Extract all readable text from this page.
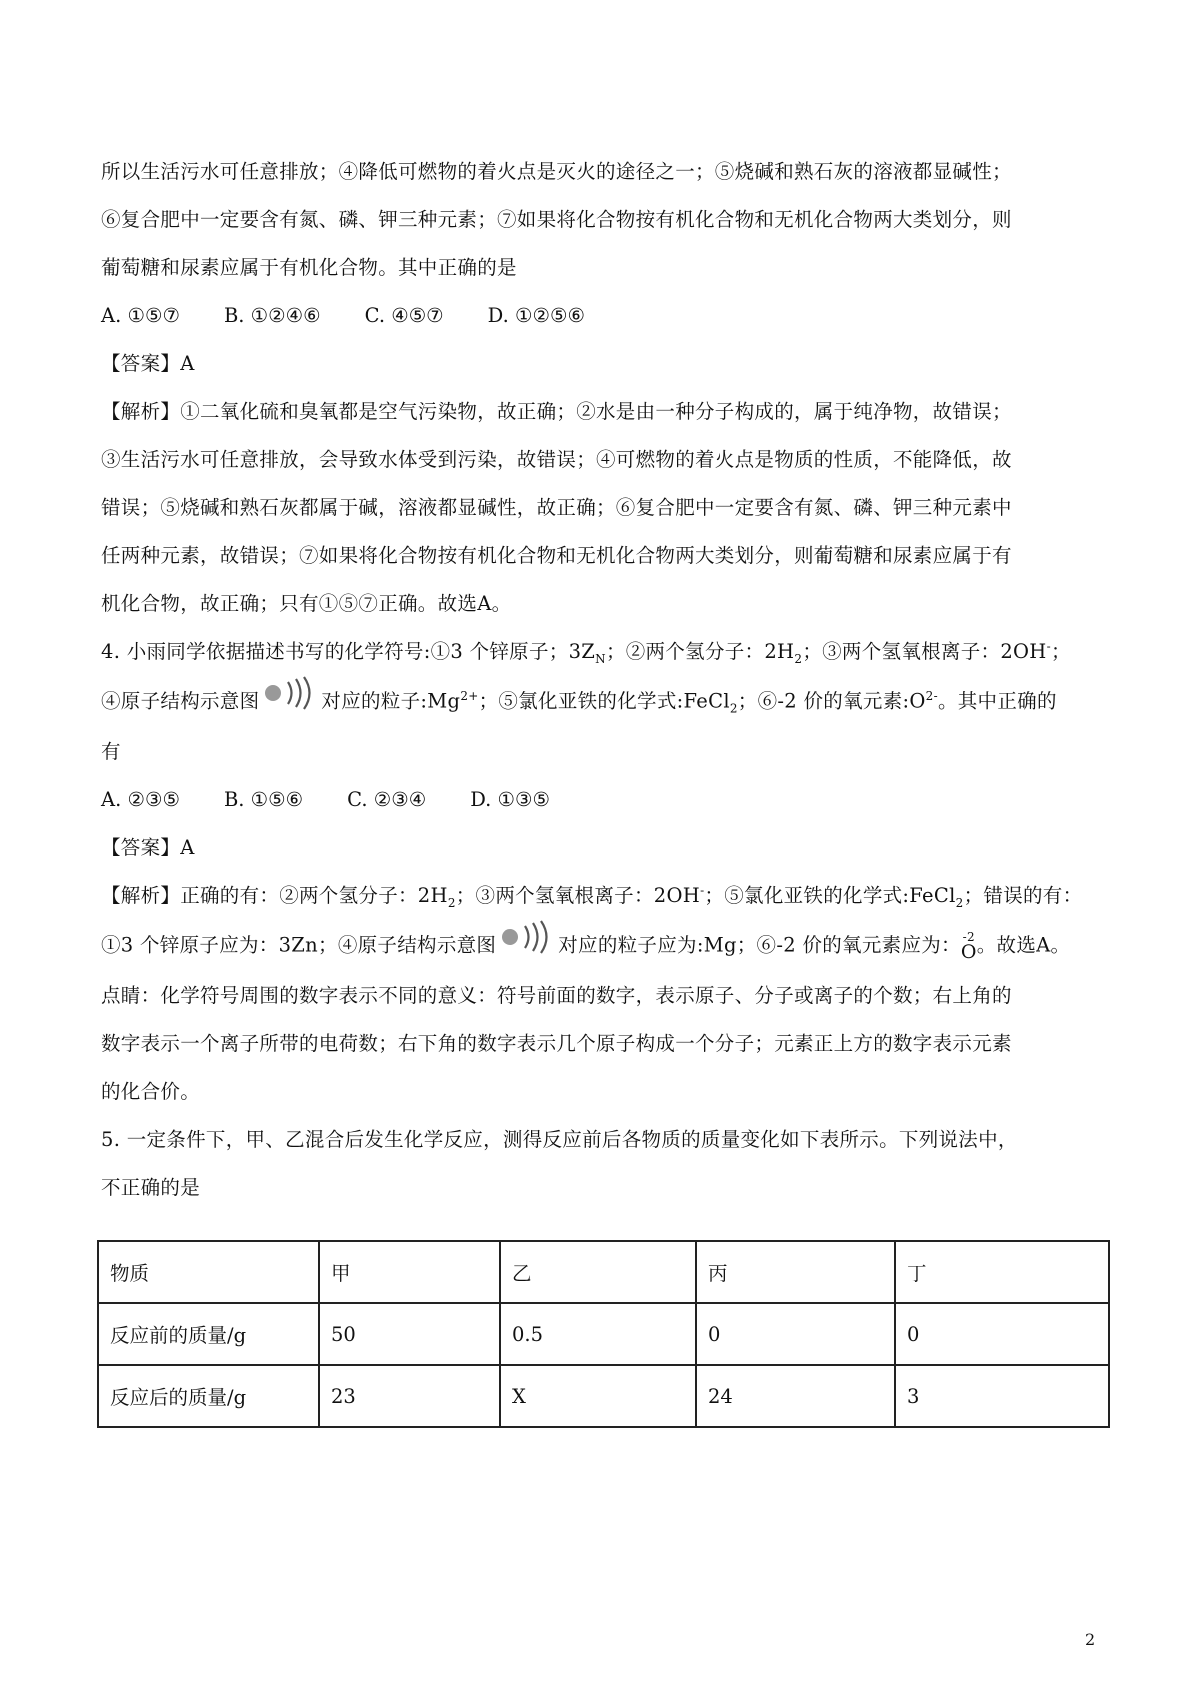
所以生活污水可任意排放；④降低可燃物的着火点是灭火的途径之一；⑤烧碱和熟石灰的溶液都显碱性；
⑥复合肥中一定要含有氮、磷、钾三种元素；⑦如果将化合物按有机化合物和无机化合物两大类划分，则
葡萄糖和尿素应属于有机化合物。其中正确的是
A. ①⑤⑦ B. ①②④⑥ C. ④⑤⑦ D. ①②⑤⑥
【答案】A
【解析】①二氧化硫和臭氧都是空气污染物，故正确；②水是由一种分子构成的，属于纯净物，故错误；
③生活污水可任意排放，会导致水体受到污染，故错误；④可燃物的着火点是物质的性质，不能降低，故
错误；⑤烧碱和熟石灰都属于碱，溶液都显碱性，故正确；⑥复合肥中一定要含有氮、磷、钾三种元素中
任两种元素，故错误；⑦如果将化合物按有机化合物和无机化合物两大类划分，则葡萄糖和尿素应属于有
机化合物，故正确；只有①⑤⑦正确。故选A。
4. 小雨同学依据描述书写的化学符号:①3 个锌原子；$3Z_N$；②两个氢分子：$2H_2$；③两个氢氧根离子：2OH-；
④原子结构示意图	对应的粒子$:Mg^{2+}$；⑤氯化亚铁的化学式:FeCl$_2$；⑥-2 价的氧元素$:O^{2-}$。其中正确的
有
A. ②③⑤ B. ①⑤⑥ C. ②③④ D. ①③⑤
【答案】A
【解析】正确的有：②两个氢分子：$2H_2$；③两个氢氧根离子：2OH-；⑤氯化亚铁的化学式:FeCl$_2$；错误的有：
①3 个锌原子应为：3Zn；④原子结构示意图	对应的粒子应为:Mg；⑥-2 价的氧元素应为： -2
O 。故选A。
点睛：化学符号周围的数字表示不同的意义：符号前面的数字，表示原子、分子或离子的个数；右上角的
数字表示一个离子所带的电荷数；右下角的数字表示几个原子构成一个分子；元素正上方的数字表示元素
的化合价。
5. 一定条件下，甲、乙混合后发生化学反应，测得反应前后各物质的质量变化如下表所示。下列说法中，
不正确的是
物质	甲	乙	丙	丁
反应前的质量/g	50	0.5	0	0
反应后的质量/g	23	X	24	3
2
